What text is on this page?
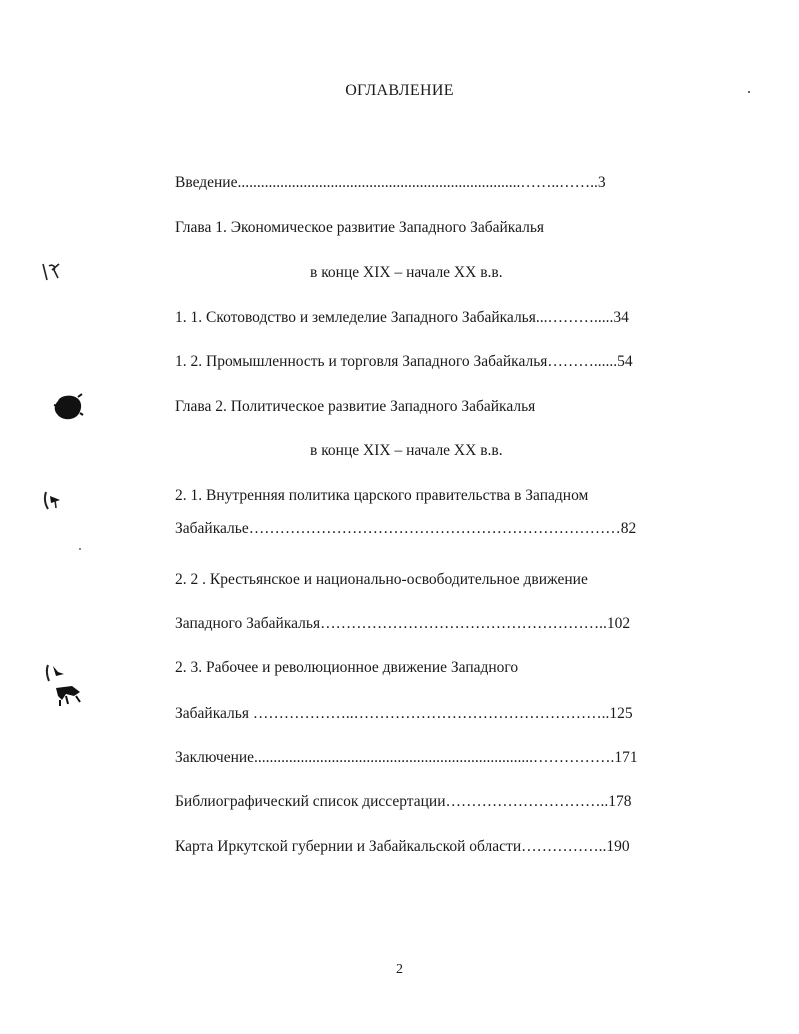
ОГЛАВЛЕНИЕ
Введение.........................................................................……..……..3
Глава 1. Экономическое развитие Западного Забайкалья
в конце XIX – начале XX в.в.
1. 1. Скотоводство и земледелие Западного Забайкалья...……….....34
1. 2. Промышленность и торговля Западного Забайкалья………......54
Глава 2. Политическое развитие Западного Забайкалья
в конце XIX – начале XX в.в.
2. 1. Внутренняя политика царского правительства в Западном
Забайкалье………………………………………………………………82
2. 2 . Крестьянское и национально-освободительное движение
Западного Забайкалья………………………………………………..102
2. 3. Рабочее и революционное движение Западного
Забайкалья ………………..…………………………………………..125
Заключение........................................................................…………….171
Библиографический список диссертации…………………………..178
Карта Иркутской губернии и Забайкальской области……………..190
2
